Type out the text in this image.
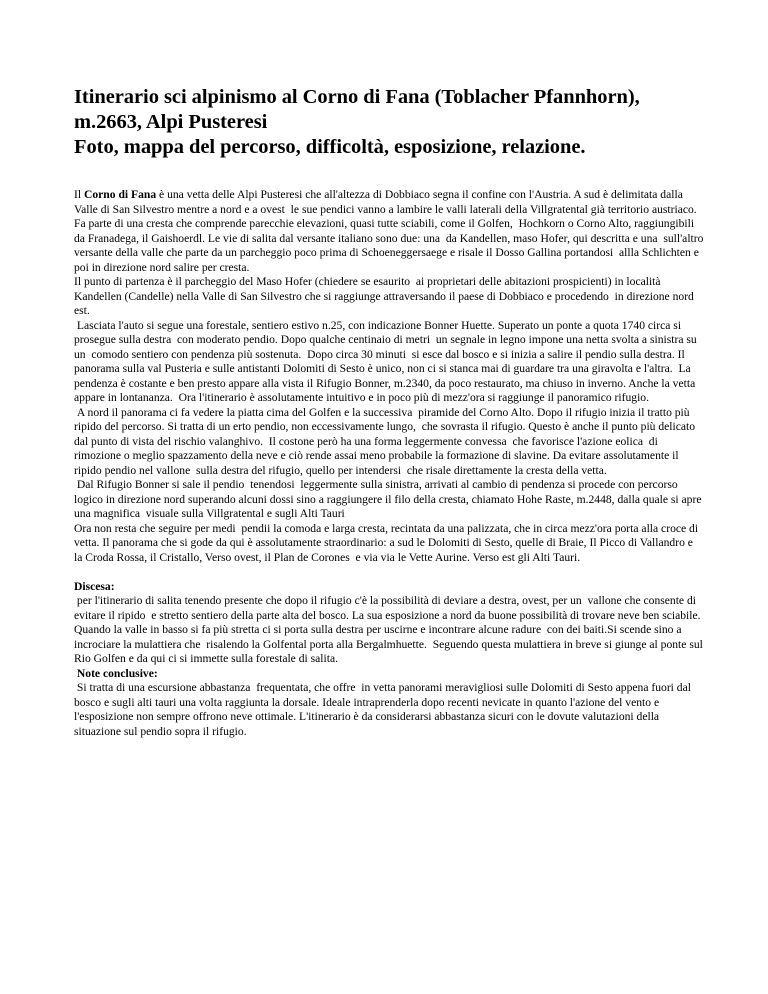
Itinerario sci alpinismo al Corno di Fana (Toblacher Pfannhorn),
m.2663, Alpi Pusteresi
Foto, mappa del percorso, difficoltà, esposizione, relazione.

Il Corno di Fana è una vetta delle Alpi Pusteresi che all'altezza di Dobbiaco segna il confine con l'Austria. A sud è delimitata dalla Valle di San Silvestro mentre a nord e a ovest  le sue pendici vanno a lambire le valli laterali della Villgratental già territorio austriaco. Fa parte di una cresta che comprende parecchie elevazioni, quasi tutte sciabili, come il Golfen,  Hochkorn o Corno Alto, raggiungibili da Franadega, il Gaishoerdl. Le vie di salita dal versante italiano sono due: una  da Kandellen, maso Hofer, qui descritta e una  sull'altro versante della valle che parte da un parcheggio poco prima di Schoeneggersaege e risale il Dosso Gallina portandosi  allla Schlichten e poi in direzione nord salire per cresta.

Il punto di partenza è il parcheggio del Maso Hofer (chiedere se esaurito  ai proprietari delle abitazioni prospicienti) in località Kandellen (Candelle) nella Valle di San Silvestro che si raggiunge attraversando il paese di Dobbiaco e procedendo  in direzione nord est.

Lasciata l'auto si segue una forestale, sentiero estivo n.25, con indicazione Bonner Huette. Superato un ponte a quota 1740 circa si prosegue sulla destra  con moderato pendio. Dopo qualche centinaio di metri  un segnale in legno impone una netta svolta a sinistra su un  comodo sentiero con pendenza più sostenuta.  Dopo circa 30 minuti  si esce dal bosco e si inizia a salire il pendio sulla destra. Il panorama sulla val Pusteria e sulle antistanti Dolomiti di Sesto è unico, non ci si stanca mai di guardare tra una giravolta e l'altra.  La pendenza è costante e ben presto appare alla vista il Rifugio Bonner, m.2340, da poco restaurato, ma chiuso in inverno. Anche la vetta appare in lontananza.  Ora l'itinerario è assolutamente intuitivo e in poco più di mezz'ora si raggiunge il panoramico rifugio.

A nord il panorama ci fa vedere la piatta cima del Golfen e la successiva  piramide del Corno Alto. Dopo il rifugio inizia il tratto più ripido del percorso. Si tratta di un erto pendio, non eccessivamente lungo,  che sovrasta il rifugio. Questo è anche il punto più delicato dal punto di vista del rischio valanghivo.  Il costone però ha una forma leggermente convessa  che favorisce l'azione eolica  di rimozione o meglio spazzamento della neve e ciò rende assai meno probabile la formazione di slavine. Da evitare assolutamente il ripido pendio nel vallone  sulla destra del rifugio, quello per intendersi  che risale direttamente la cresta della vetta.

Dal Rifugio Bonner si sale il pendio  tenendosi  leggermente sulla sinistra, arrivati al cambio di pendenza si procede con percorso logico in direzione nord superando alcuni dossi sino a raggiungere il filo della cresta, chiamato Hohe Raste, m.2448, dalla quale si apre una magnifica  visuale sulla Villgratental e sugli Alti Tauri

Ora non resta che seguire per medi  pendii la comoda e larga cresta, recintata da una palizzata, che in circa mezz'ora porta alla croce di vetta. Il panorama che si gode da qui è assolutamente straordinario: a sud le Dolomiti di Sesto, quelle di Braie, Il Picco di Vallandro e la Croda Rossa, il Cristallo, Verso ovest, il Plan de Corones  e via via le Vette Aurine. Verso est gli Alti Tauri.

Discesa:

per l'itinerario di salita tenendo presente che dopo il rifugio c'è la possibilità di deviare a destra, ovest, per un  vallone che consente di evitare il ripido  e stretto sentiero della parte alta del bosco. La sua esposizione a nord da buone possibilità di trovare neve ben sciabile. Quando la valle in basso si fa più stretta ci si porta sulla destra per uscirne e incontrare alcune radure  con dei baiti.Si scende sino a incrociare la mulattiera che  risalendo la Golfental porta alla Bergalmhuette.  Seguendo questa mulattiera in breve si giunge al ponte sul  Rio Golfen e da qui ci si immette sulla forestale di salita.

Note conclusive:

Si tratta di una escursione abbastanza  frequentata, che offre  in vetta panorami meravigliosi sulle Dolomiti di Sesto appena fuori dal bosco e sugli alti tauri una volta raggiunta la dorsale. Ideale intraprenderla dopo recenti nevicate in quanto l'azione del vento e l'esposizione non sempre offrono neve ottimale. L'itinerario è da considerarsi abbastanza sicuri con le dovute valutazioni della situazione sul pendio sopra il rifugio.
